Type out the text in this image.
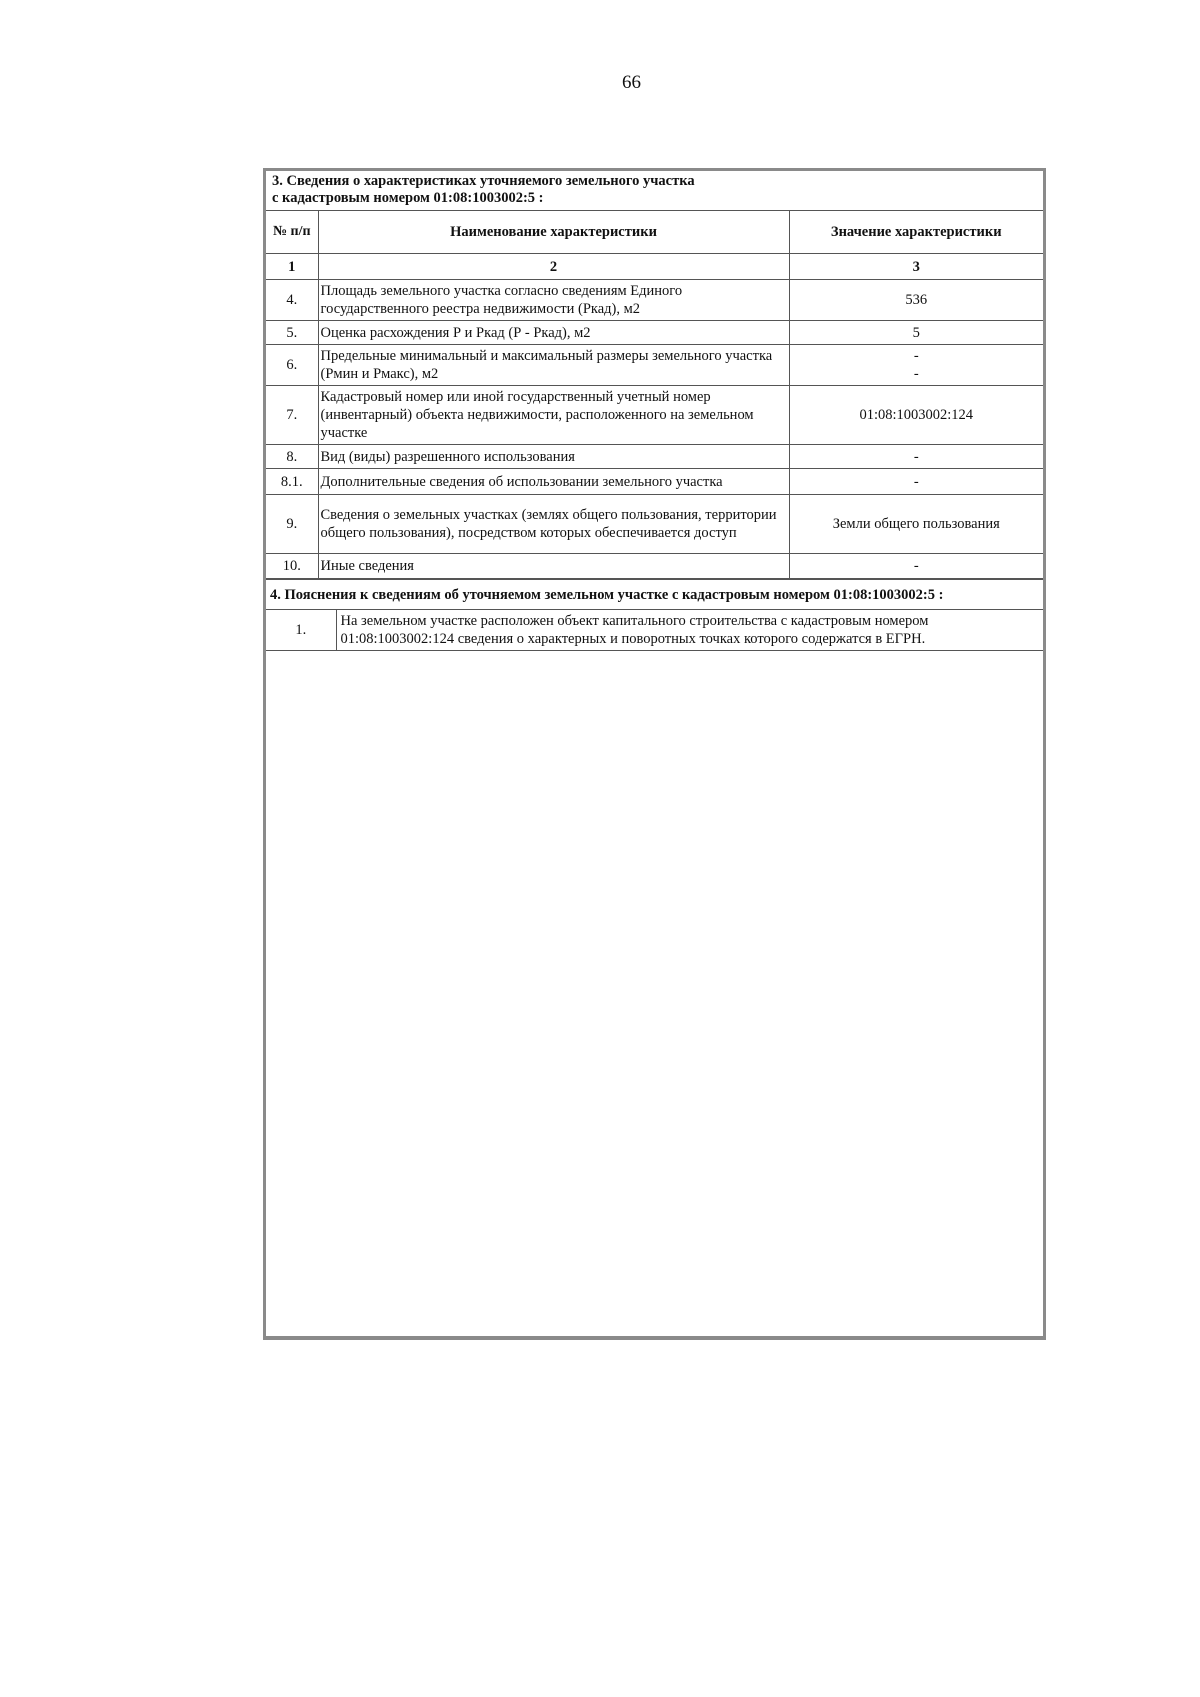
66
3. Сведения о характеристиках уточняемого земельного участка
с кадастровым номером 01:08:1003002:5 :		

№ п/п	Наименование характеристики	Значение характеристики
1	2	3
4.	Площадь земельного участка согласно сведениям Единого государственного реестра недвижимости (Ркад), м2	536
5.	Оценка расхождения Р и Ркад (Р - Ркад), м2	5
6.	Предельные минимальный и максимальный размеры земельного участка (Рмин и Рмакс), м2	-
-

7.	Кадастровый номер или иной государственный учетный номер (инвентарный) объекта недвижимости, расположенного на земельном участке	01:08:1003002:124
8.	Вид (виды) разрешенного использования	-
8.1.	Дополнительные сведения об использовании земельного участка	-
9.	Сведения о земельных участках (землях общего пользования, территории общего пользования), посредством которых обеспечивается доступ	Земли общего пользования
10.	Иные сведения	-
4. Пояснения к сведениям об уточняемом земельном участке с кадастровым номером 01:08:1003002:5 :
1.	На земельном участке расположен объект капитального строительства с кадастровым номером 01:08:1003002:124 сведения о характерных и поворотных точках которого содержатся в ЕГРН.
